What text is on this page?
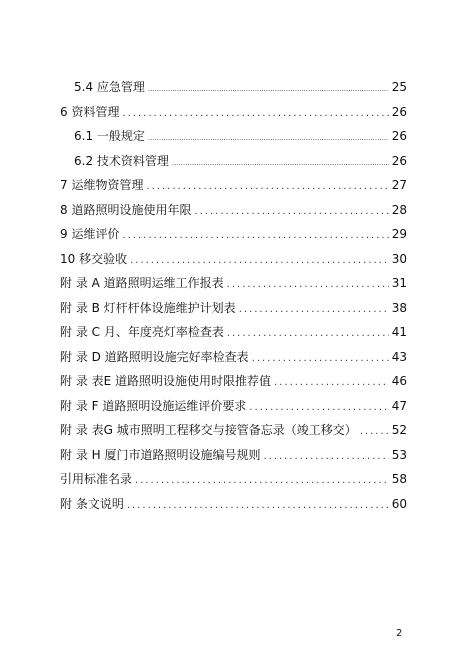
5.4 应急管理 .....	25
6 资料管理 .....	26
6.1 一般规定 .....	26
6.2 技术资料管理 .....	26
7 运维物资管理 .....	27
8 道路照明设施使用年限 .....	28
9 运维评价 .....	29
10 移交验收 .....	30
附 录 A 道路照明运维工作报表 .....	31
附 录 B 灯杆杆体设施维护计划表 .....	38
附 录 C 月、年度亮灯率检查表 .....	41
附 录 D 道路照明设施完好率检查表 .....	43
附 录 表E 道路照明设施使用时限推荐值 .....	46
附 录 F 道路照明设施运维评价要求 .....	47
附 录 表G 城市照明工程移交与接管备忘录（竣工移交） .....	52
附 录 H 厦门市道路照明设施编号规则 .....	53
引用标准名录 .....	58
附 条文说明 .....	60
2
